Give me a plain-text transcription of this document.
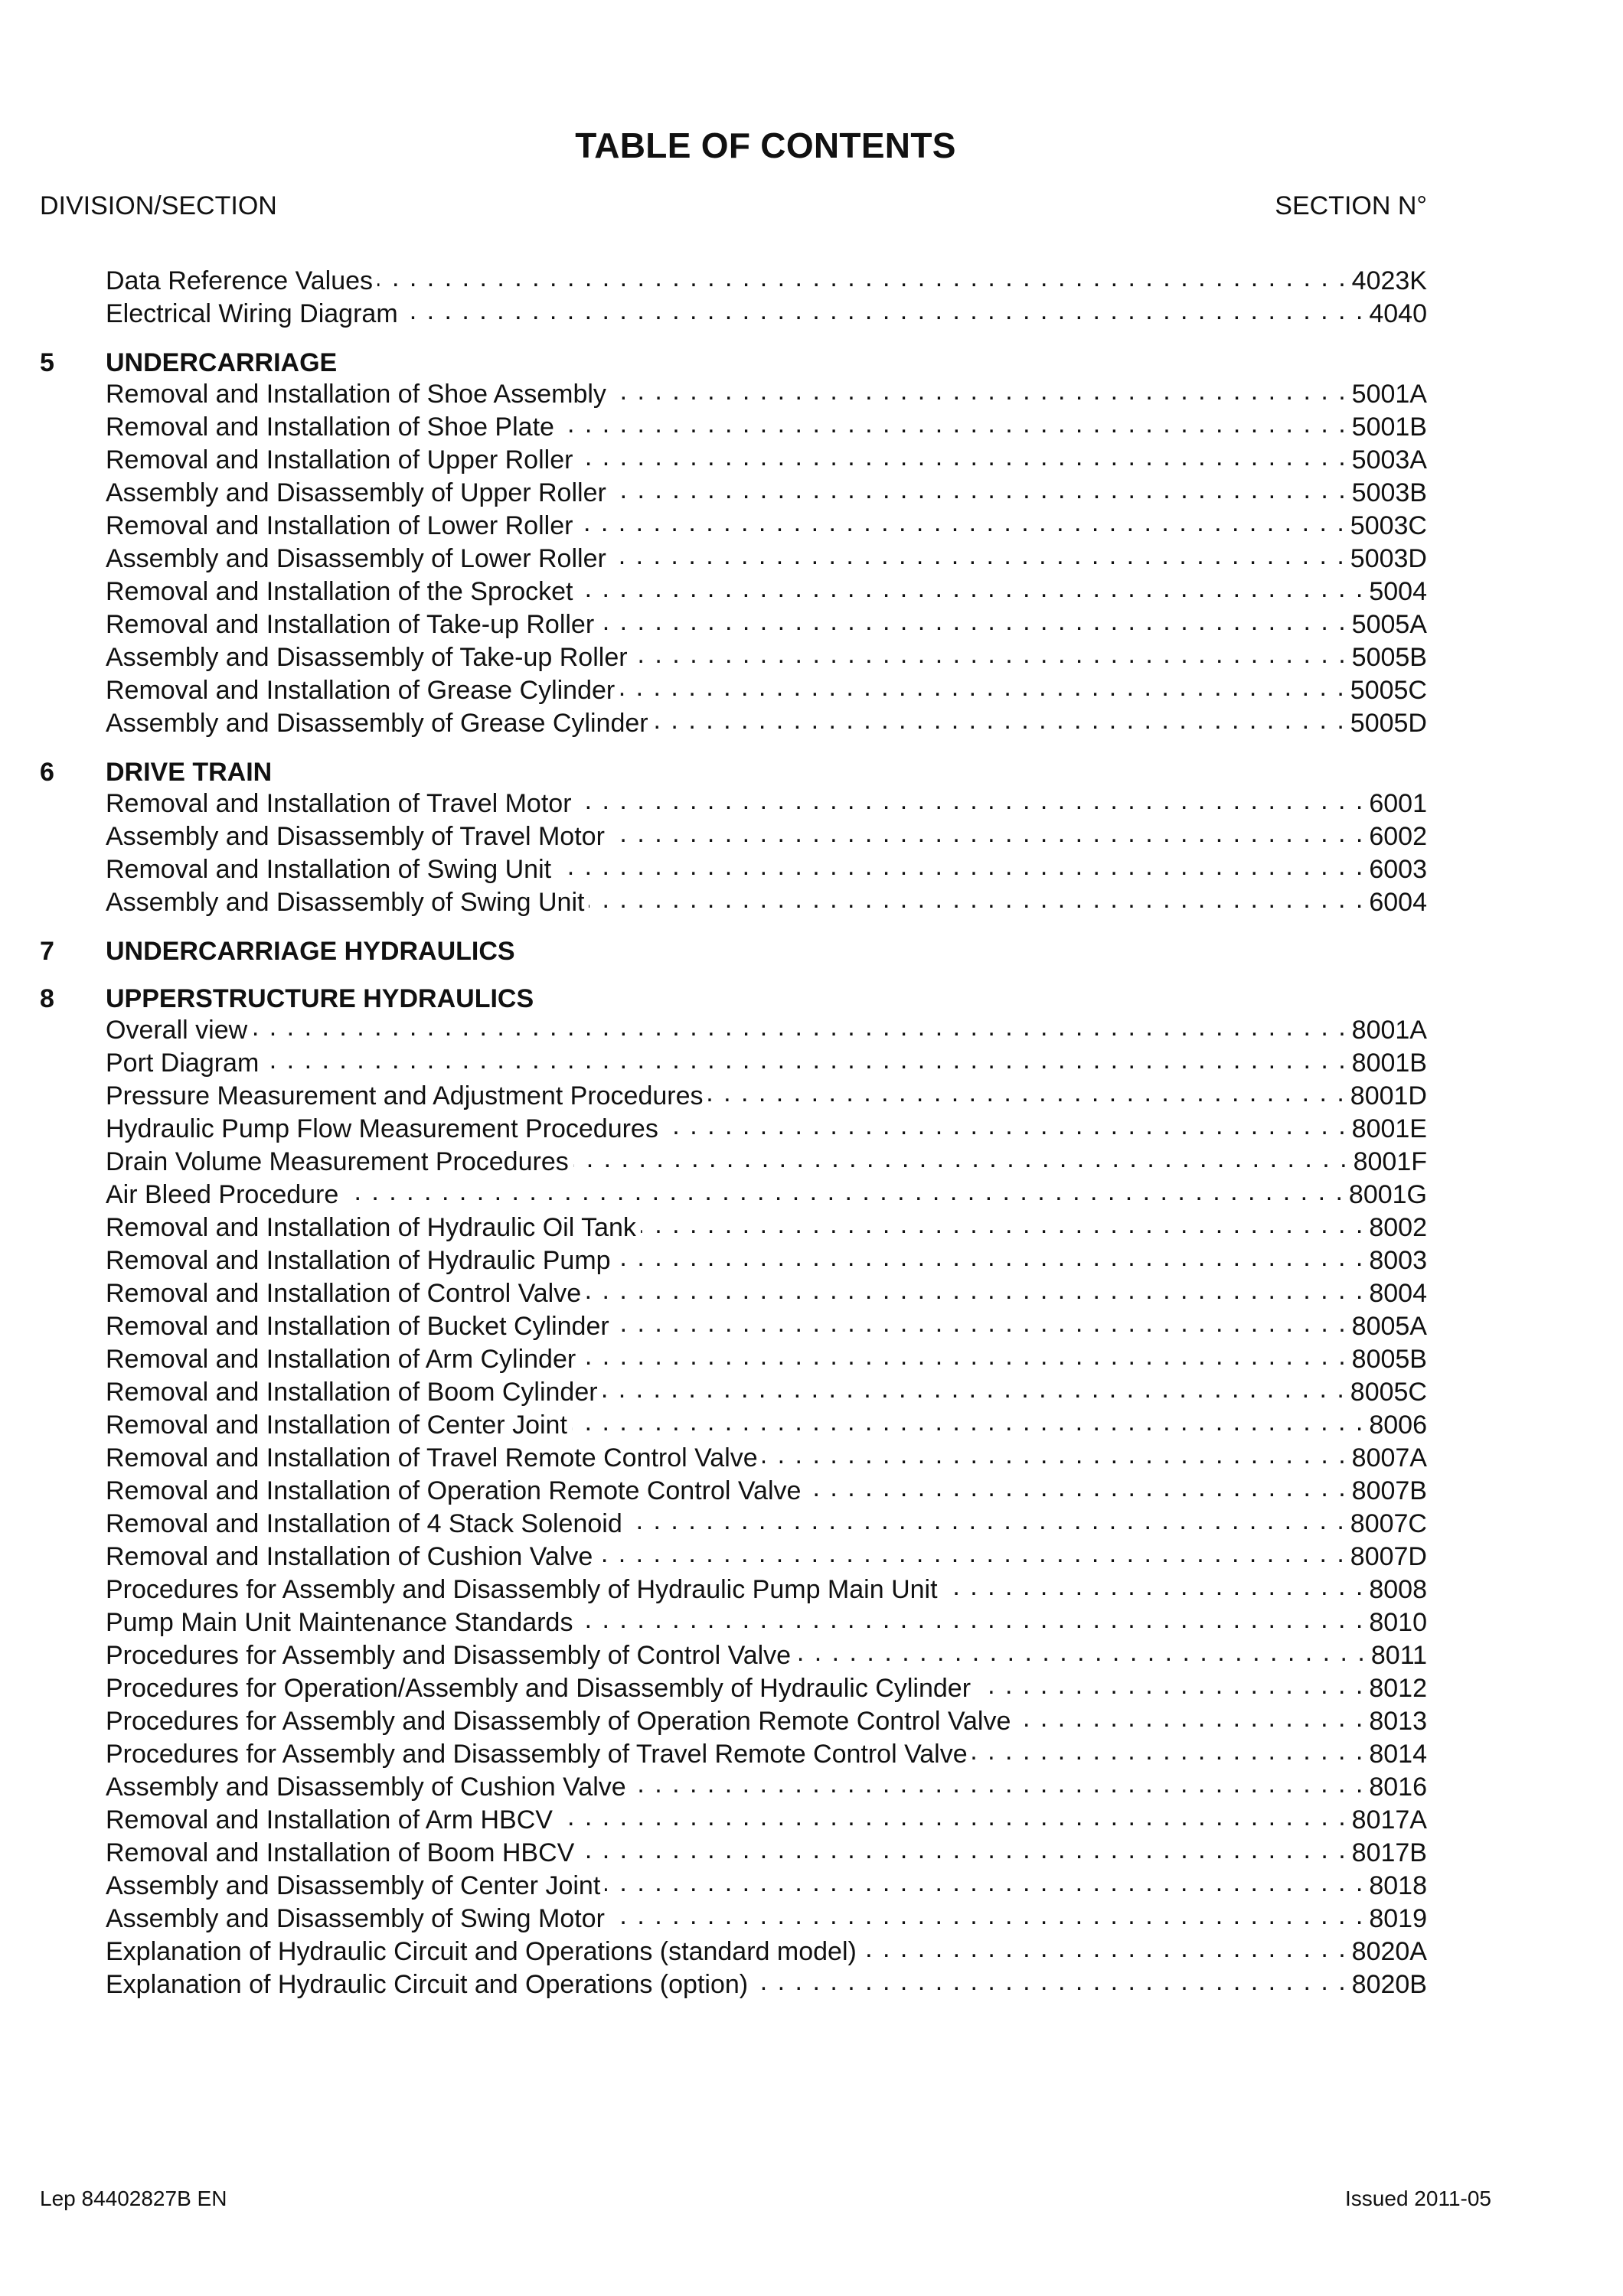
TABLE OF CONTENTS
DIVISION/SECTION	SECTION N°
Data Reference Values . . .	4023K
Electrical Wiring Diagram . . .	4040
5	UNDERCARRIAGE
Removal and Installation of Shoe Assembly . . .	5001A
Removal and Installation of Shoe Plate . . .	5001B
Removal and Installation of Upper Roller . . .	5003A
Assembly and Disassembly of Upper Roller . . .	5003B
Removal and Installation of Lower Roller . . .	5003C
Assembly and Disassembly of Lower Roller . . .	5003D
Removal and Installation of the Sprocket . . .	5004
Removal and Installation of Take-up Roller . . .	5005A
Assembly and Disassembly of Take-up Roller . . .	5005B
Removal and Installation of Grease Cylinder . . .	5005C
Assembly and Disassembly of Grease Cylinder . . .	5005D
6	DRIVE TRAIN
Removal and Installation of Travel Motor . . .	6001
Assembly and Disassembly of Travel Motor . . .	6002
Removal and Installation of Swing Unit . . .	6003
Assembly and Disassembly of Swing Unit . . .	6004
7	UNDERCARRIAGE HYDRAULICS
8	UPPERSTRUCTURE HYDRAULICS
Overall view . . .	8001A
Port Diagram . . .	8001B
Pressure Measurement and Adjustment Procedures . . .	8001D
Hydraulic Pump Flow Measurement Procedures . . .	8001E
Drain Volume Measurement Procedures . . .	8001F
Air Bleed Procedure . . .	8001G
Removal and Installation of Hydraulic Oil Tank . . .	8002
Removal and Installation of Hydraulic Pump . . .	8003
Removal and Installation of Control Valve . . .	8004
Removal and Installation of Bucket Cylinder . . .	8005A
Removal and Installation of Arm Cylinder . . .	8005B
Removal and Installation of Boom Cylinder . . .	8005C
Removal and Installation of Center Joint . . .	8006
Removal and Installation of Travel Remote Control Valve . . .	8007A
Removal and Installation of Operation Remote Control Valve . . .	8007B
Removal and Installation of 4 Stack Solenoid . . .	8007C
Removal and Installation of Cushion Valve . . .	8007D
Procedures for Assembly and Disassembly of Hydraulic Pump Main Unit . . .	8008
Pump Main Unit Maintenance Standards . . .	8010
Procedures for Assembly and Disassembly of Control Valve . . .	8011
Procedures for Operation/Assembly and Disassembly of Hydraulic Cylinder . . .	8012
Procedures for Assembly and Disassembly of Operation Remote Control Valve . . .	8013
Procedures for Assembly and Disassembly of Travel Remote Control Valve . . .	8014
Assembly and Disassembly of Cushion Valve . . .	8016
Removal and Installation of Arm HBCV . . .	8017A
Removal and Installation of Boom HBCV . . .	8017B
Assembly and Disassembly of Center Joint . . .	8018
Assembly and Disassembly of Swing Motor . . .	8019
Explanation of Hydraulic Circuit and Operations (standard model) . . .	8020A
Explanation of Hydraulic Circuit and Operations (option) . . .	8020B
Lep 84402827B EN	Issued 2011-05
